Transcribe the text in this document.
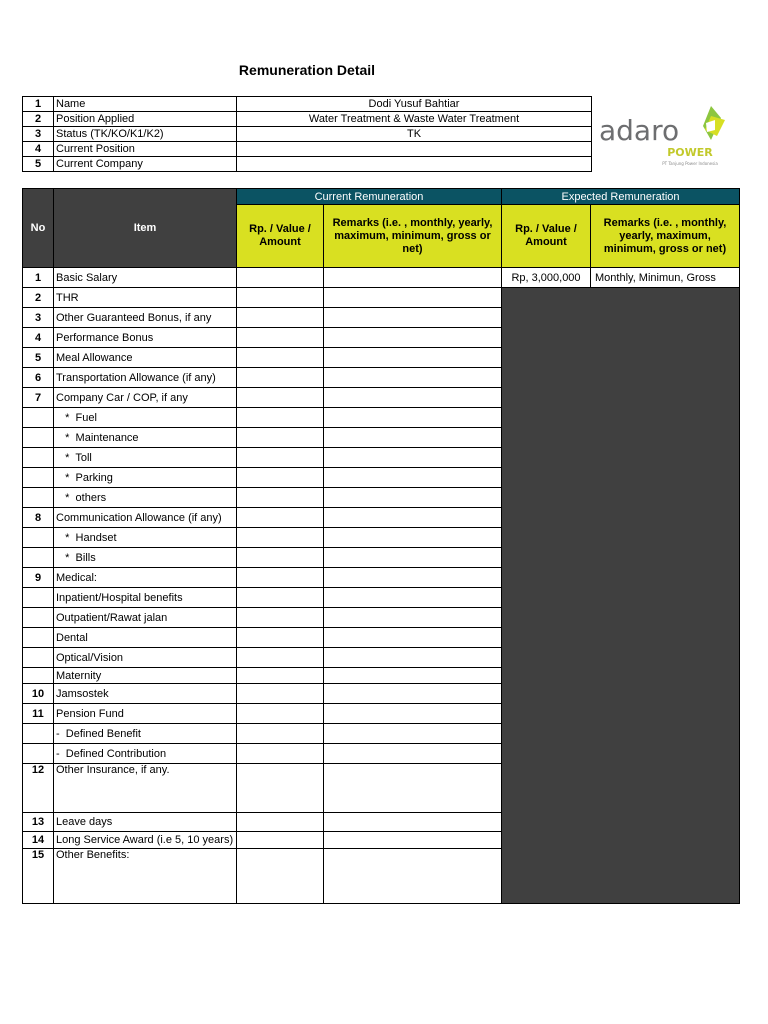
Remuneration Detail
1	Name	Dodi Yusuf Bahtiar
2	Position Applied	Water Treatment & Waste Water Treatment
3	Status (TK/KO/K1/K2)	TK
4	Current Position	
5	Current Company	
adaro
POWER
PT Tanjung Power Indonesia
No	Item	Current Remuneration		Expected Remuneration	
		Rp. / Value / Amount	Remarks (i.e. , monthly, yearly, maximum, minimum, gross or net)	Rp. / Value / Amount	Remarks (i.e. , monthly, yearly, maximum, minimum, gross or net)
1	Basic Salary			Rp, 3,000,000	Monthly, Minimun, Gross
2	THR				
3	Other Guaranteed Bonus, if any				
4	Performance Bonus				
5	Meal Allowance				
6	Transportation Allowance (if any)				
7	Company Car / COP, if any				
	*  Fuel				
	*  Maintenance				
	*  Toll				
	*  Parking				
	*  others				
8	Communication Allowance (if any)				
	*  Handset				
	*  Bills				
9	Medical:				
	Inpatient/Hospital benefits				
	Outpatient/Rawat jalan				
	Dental				
	Optical/Vision				
	Maternity				
10	Jamsostek				
11	Pension Fund				
	-  Defined Benefit				
	-  Defined Contribution				
12	Other Insurance, if any.				
13	Leave days				
14	Long Service Award (i.e 5, 10 years)				
15	Other Benefits:				
